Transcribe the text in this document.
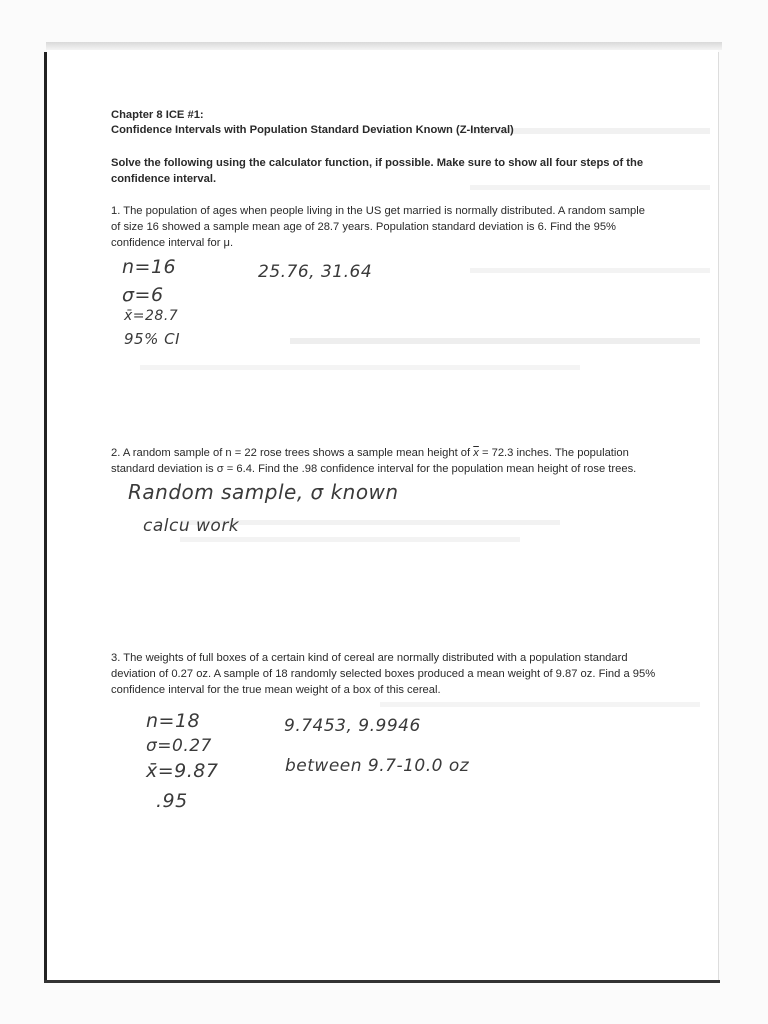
Chapter 8 ICE #1:
Confidence Intervals with Population Standard Deviation Known (Z-Interval)
Solve the following using the calculator function, if possible. Make sure to show all four steps of the
confidence interval.
1. The population of ages when people living in the US get married is normally distributed. A random sample
of size 16 showed a sample mean age of 28.7 years. Population standard deviation is 6. Find the 95%
confidence interval for μ.
2. A random sample of n = 22 rose trees shows a sample mean height of $\overline{x} = 72.3$ inches. The population
standard deviation is σ = 6.4. Find the .98 confidence interval for the population mean height of rose trees.
3. The weights of full boxes of a certain kind of cereal are normally distributed with a population standard
deviation of 0.27 oz. A sample of 18 randomly selected boxes produced a mean weight of 9.87 oz. Find a 95%
confidence interval for the true mean weight of a box of this cereal.
n=16	25.76, 31.64
σ=6
x̄=28.7
95% CI
Random sample, σ known
calcu work
n=18	9.7453, 9.9946
σ=0.27
x̄=9.87	between 9.7-10.0 oz
.95
